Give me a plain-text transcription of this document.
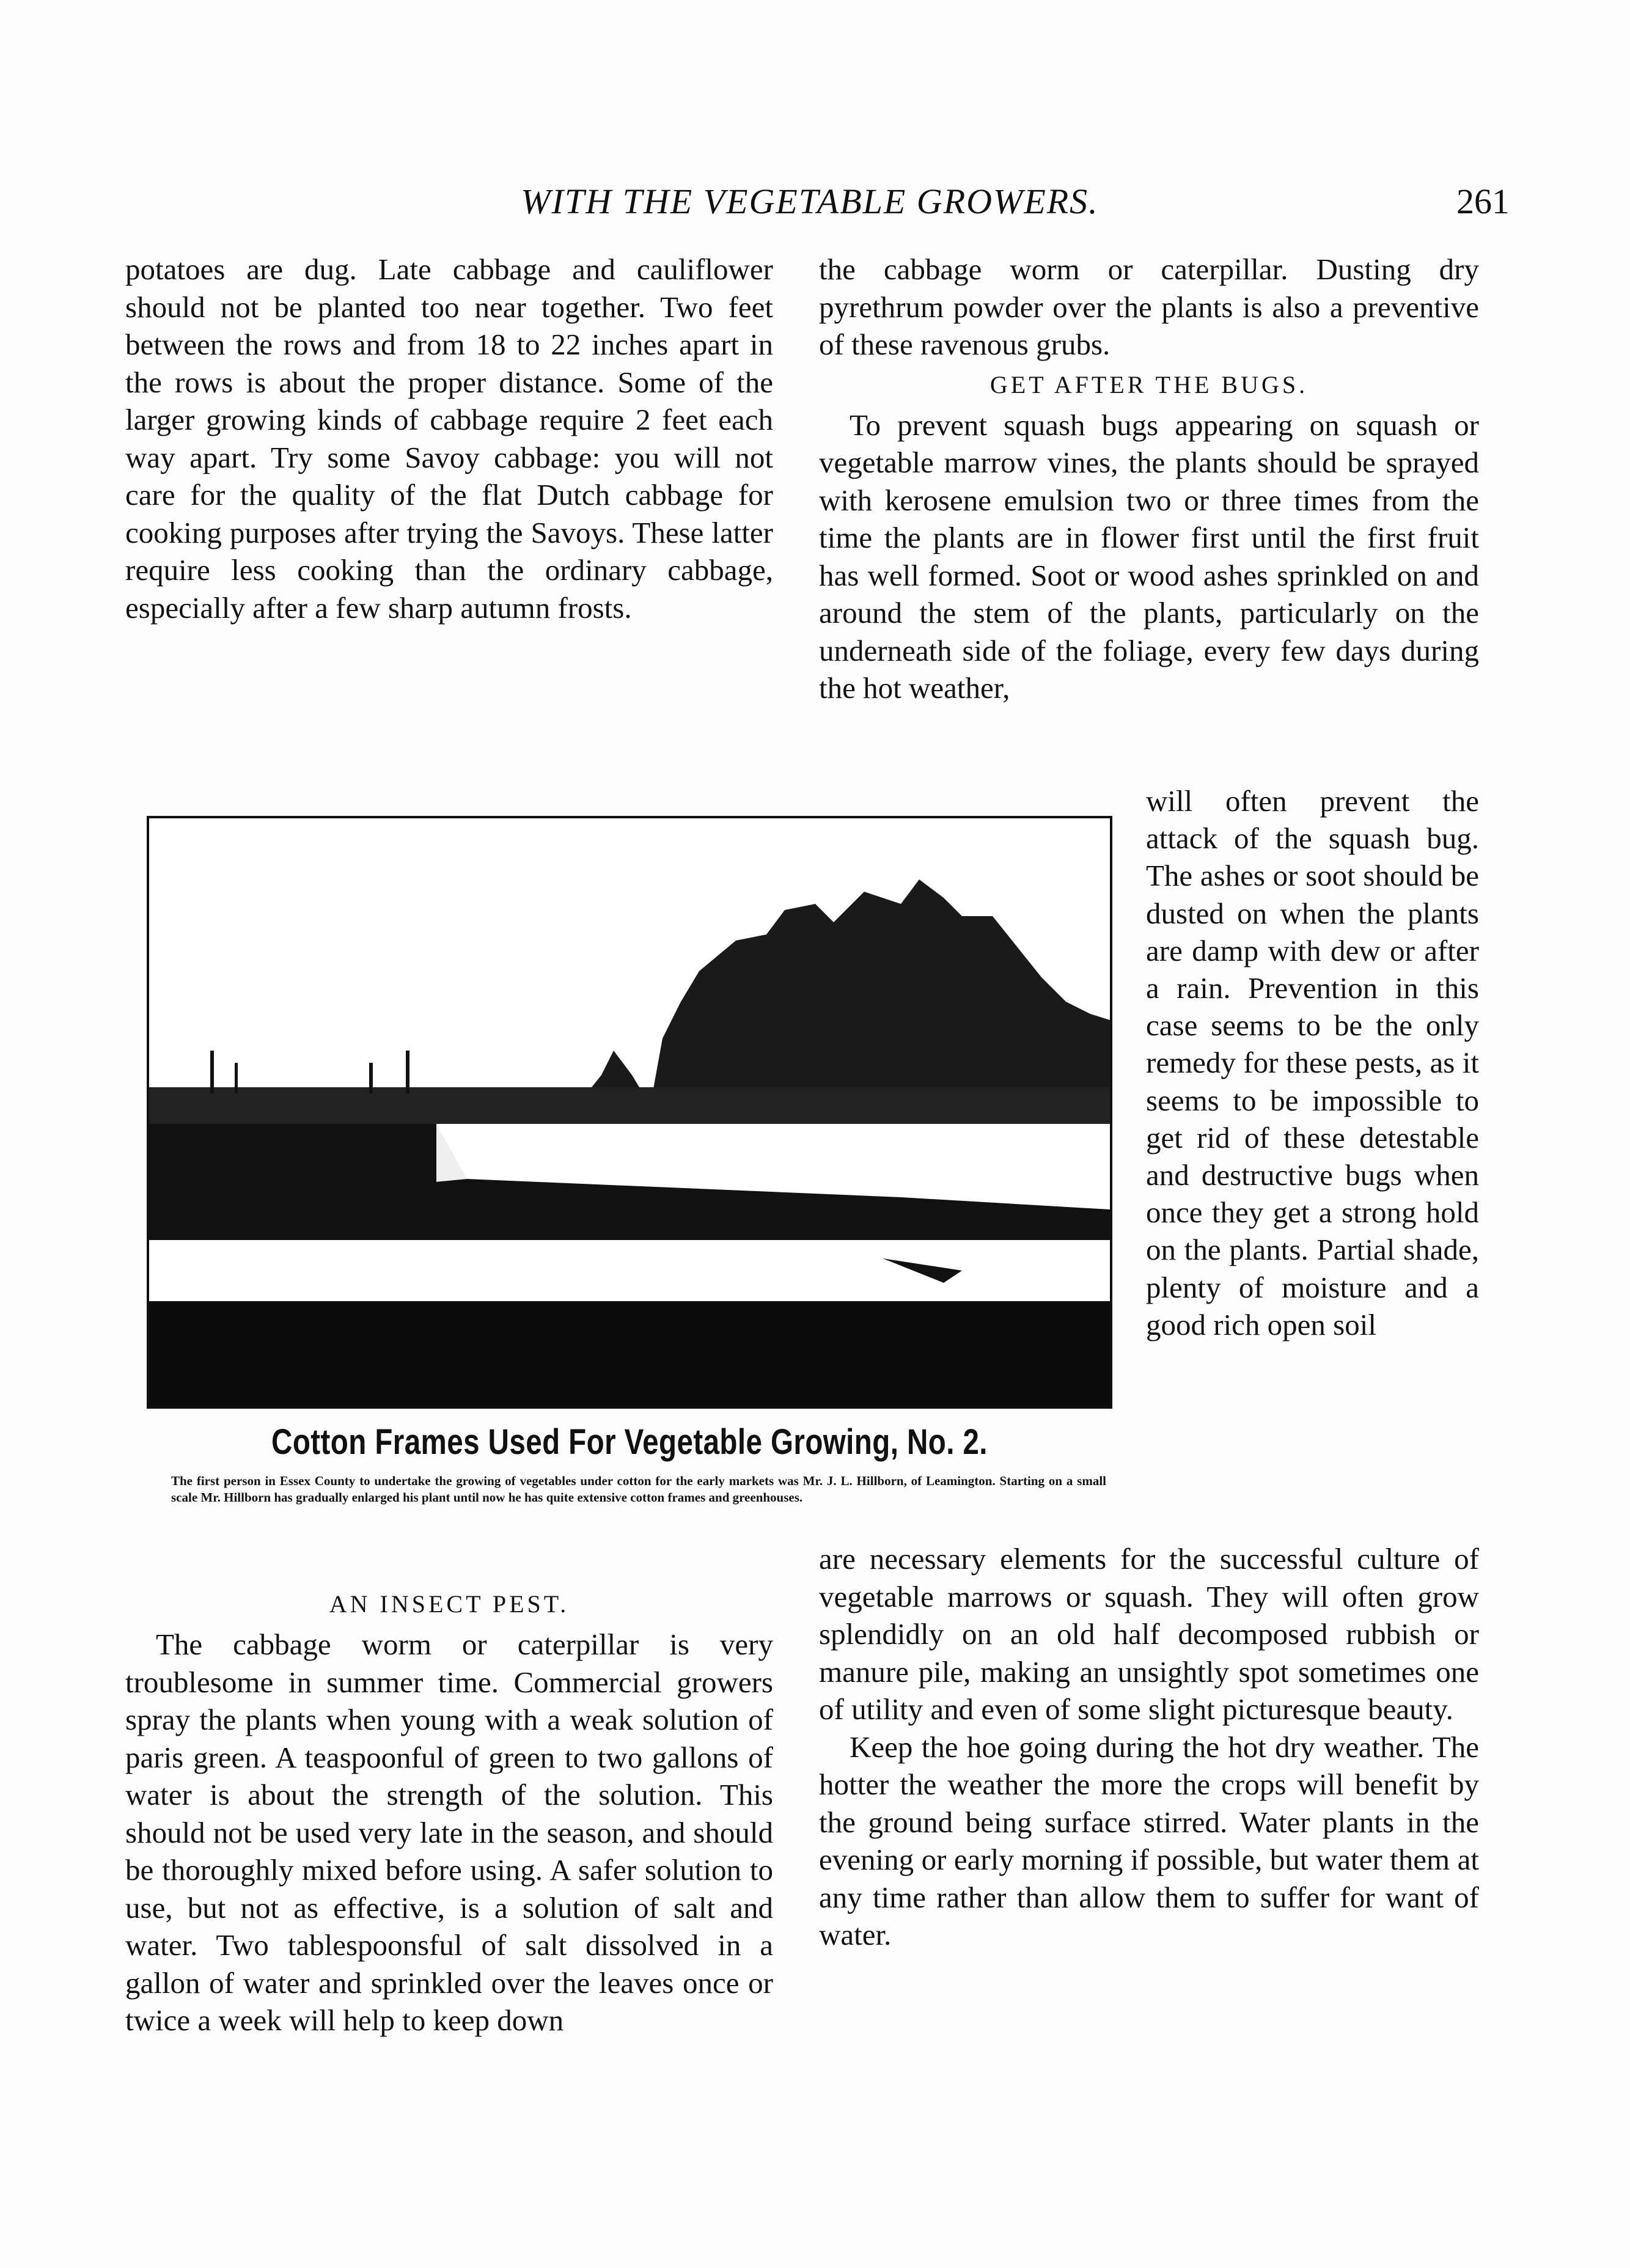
WITH THE VEGETABLE GROWERS.	261

potatoes are dug. Late cabbage and cauliflower should not be planted too near together. Two feet between the rows and from 18 to 22 inches apart in the rows is about the proper distance. Some of the larger growing kinds of cabbage require 2 feet each way apart. Try some Savoy cabbage: you will not care for the quality of the flat Dutch cabbage for cooking purposes after trying the Savoys. These latter require less cooking than the ordinary cabbage, especially after a few sharp autumn frosts.

the cabbage worm or caterpillar. Dusting dry pyrethrum powder over the plants is also a preventive of these ravenous grubs.

GET AFTER THE BUGS.

To prevent squash bugs appearing on squash or vegetable marrow vines, the plants should be sprayed with kerosene emulsion two or three times from the time the plants are in flower first until the first fruit has well formed. Soot or wood ashes sprinkled on and around the stem of the plants, particularly on the underneath side of the foliage, every few days during the hot weather,

Cotton Frames Used For Vegetable Growing, No. 2.
The first person in Essex County to undertake the growing of vegetables under cotton for the early markets was Mr. J. L. Hillborn, of Leamington. Starting on a small scale Mr. Hillborn has gradually enlarged his plant until now he has quite extensive cotton frames and greenhouses.

will often prevent the attack of the squash bug. The ashes or soot should be dusted on when the plants are damp with dew or after a rain. Prevention in this case seems to be the only remedy for these pests, as it seems to be impossible to get rid of these detestable and destructive bugs when once they get a strong hold on the plants. Partial shade, plenty of moisture and a good rich open soil

AN INSECT PEST.

The cabbage worm or caterpillar is very troublesome in summer time. Commercial growers spray the plants when young with a weak solution of paris green. A teaspoonful of green to two gallons of water is about the strength of the solution. This should not be used very late in the season, and should be thoroughly mixed before using. A safer solution to use, but not as effective, is a solution of salt and water. Two tablespoonsful of salt dissolved in a gallon of water and sprinkled over the leaves once or twice a week will help to keep down

are necessary elements for the successful culture of vegetable marrows or squash. They will often grow splendidly on an old half decomposed rubbish or manure pile, making an unsightly spot sometimes one of utility and even of some slight picturesque beauty.

Keep the hoe going during the hot dry weather. The hotter the weather the more the crops will benefit by the ground being surface stirred. Water plants in the evening or early morning if possible, but water them at any time rather than allow them to suffer for want of water.
